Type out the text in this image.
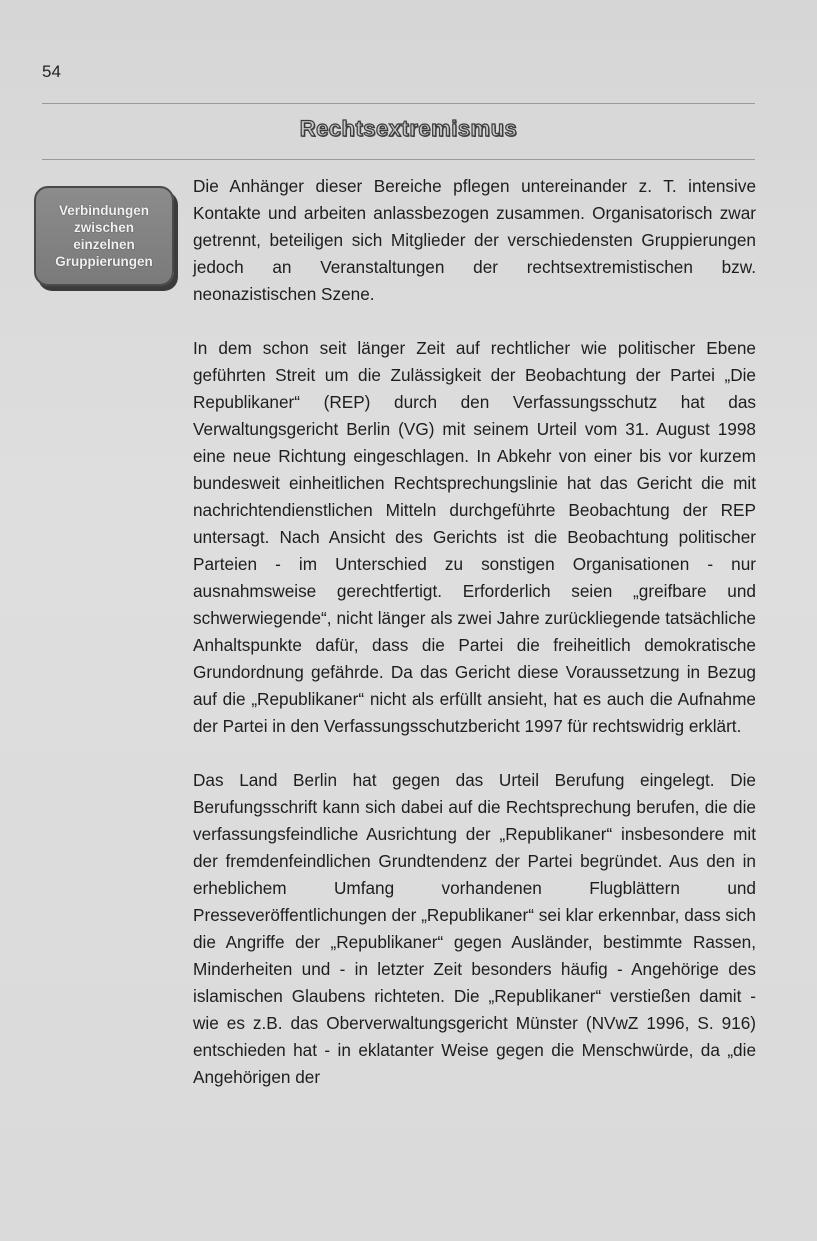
54
Rechtsextremismus
Verbindungen
zwischen
einzelnen
Gruppierungen

Die Anhänger dieser Bereiche pflegen untereinander z. T. intensive Kontakte und arbeiten anlassbezogen zusammen. Organisatorisch zwar getrennt, beteiligen sich Mitglieder der verschiedensten Gruppierungen jedoch an Veranstaltungen der rechtsextremistischen bzw. neonazistischen Szene.

In dem schon seit länger Zeit auf rechtlicher wie politischer Ebene geführten Streit um die Zulässigkeit der Beobachtung der Partei „Die Republikaner“ (REP) durch den Verfassungsschutz hat das Verwaltungsgericht Berlin (VG) mit seinem Urteil vom 31. August 1998 eine neue Richtung eingeschlagen. In Abkehr von einer bis vor kurzem bundesweit einheitlichen Rechtsprechungslinie hat das Gericht die mit nachrichtendienstlichen Mitteln durchgeführte Beobachtung der REP untersagt. Nach Ansicht des Gerichts ist die Beobachtung politischer Parteien - im Unterschied zu sonstigen Organisationen - nur ausnahmsweise gerechtfertigt. Erforderlich seien „greifbare und schwerwiegende“, nicht länger als zwei Jahre zurückliegende tatsächliche Anhaltspunkte dafür, dass die Partei die freiheitlich demokratische Grundordnung gefährde. Da das Gericht diese Voraussetzung in Bezug auf die „Republikaner“ nicht als erfüllt ansieht, hat es auch die Aufnahme der Partei in den Verfassungsschutzbericht 1997 für rechtswidrig erklärt.

Das Land Berlin hat gegen das Urteil Berufung eingelegt. Die Berufungsschrift kann sich dabei auf die Rechtsprechung berufen, die die verfassungsfeindliche Ausrichtung der „Republikaner“ insbesondere mit der fremdenfeindlichen Grundtendenz der Partei begründet. Aus den in erheblichem Umfang vorhandenen Flugblättern und Presseveröffentlichungen der „Republikaner“ sei klar erkennbar, dass sich die Angriffe der „Republikaner“ gegen Ausländer, bestimmte Rassen, Minderheiten und - in letzter Zeit besonders häufig - Angehörige des islamischen Glaubens richteten. Die „Republikaner“ verstießen damit - wie es z.B. das Oberverwaltungsgericht Münster (NVwZ 1996, S. 916) entschieden hat - in eklatanter Weise gegen die Menschwürde, da „die Angehörigen der
